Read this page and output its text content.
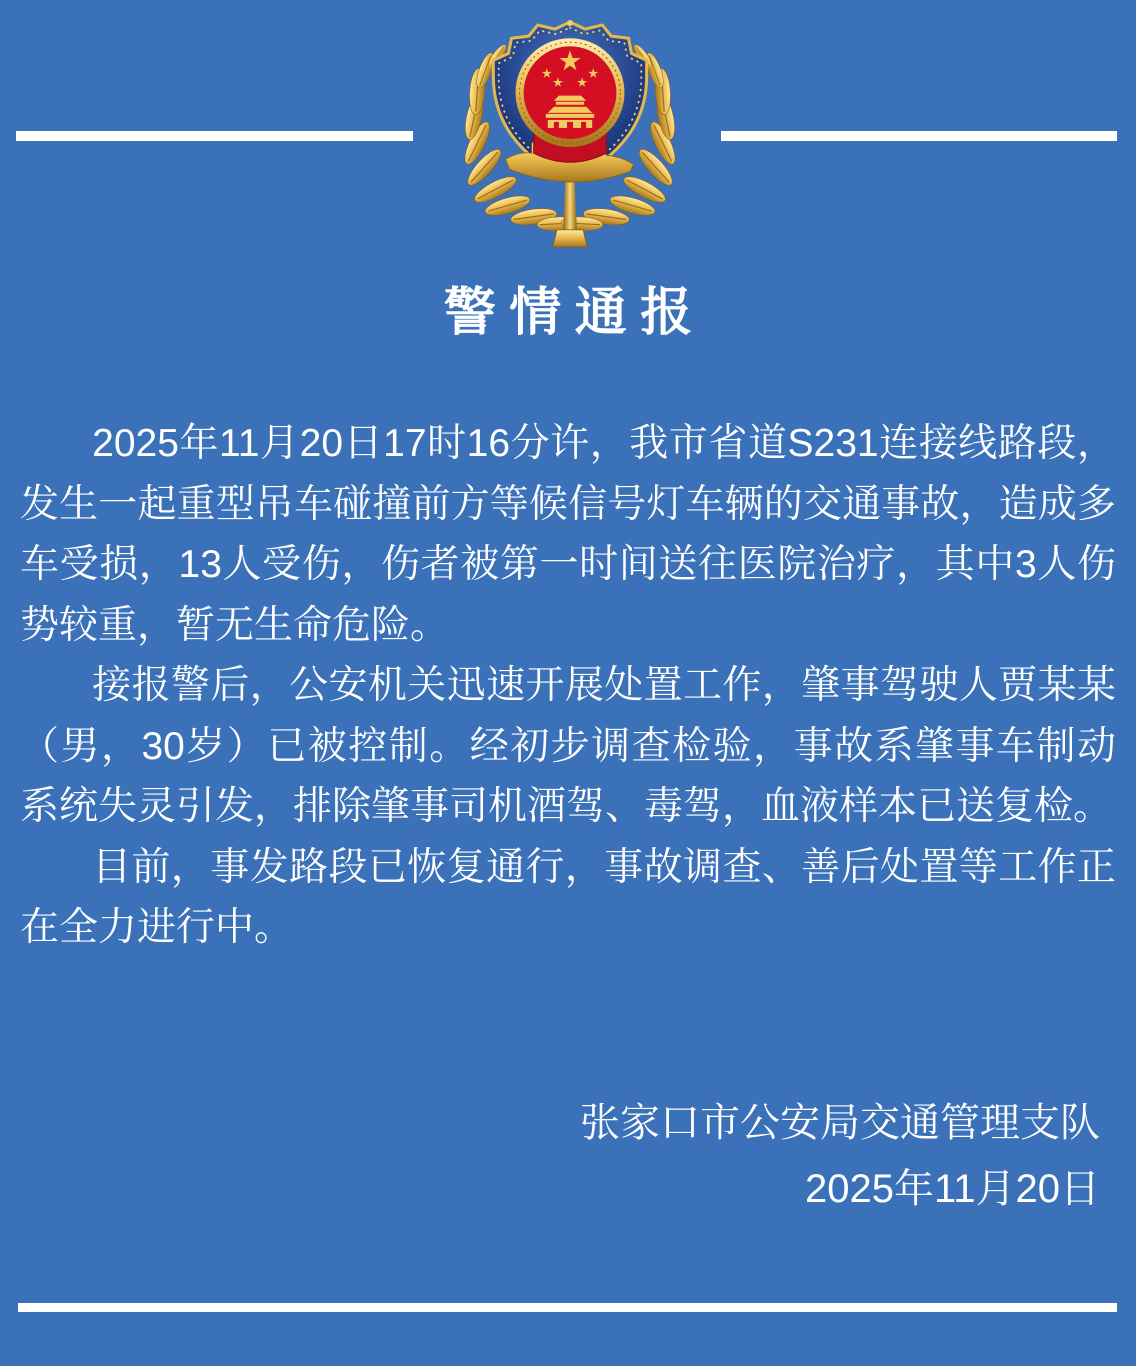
警情通报

2025年11月20日17时16分许，我市省道S231连接线路段，发生一起重型吊车碰撞前方等候信号灯车辆的交通事故，造成多车受损，13人受伤，伤者被第一时间送往医院治疗，其中3人伤势较重，暂无生命危险。

接报警后，公安机关迅速开展处置工作，肇事驾驶人贾某某（男，30岁）已被控制。经初步调查检验，事故系肇事车制动系统失灵引发，排除肇事司机酒驾、毒驾，血液样本已送复检。

目前，事发路段已恢复通行，事故调查、善后处置等工作正在全力进行中。

张家口市公安局交通管理支队
2025年11月20日
